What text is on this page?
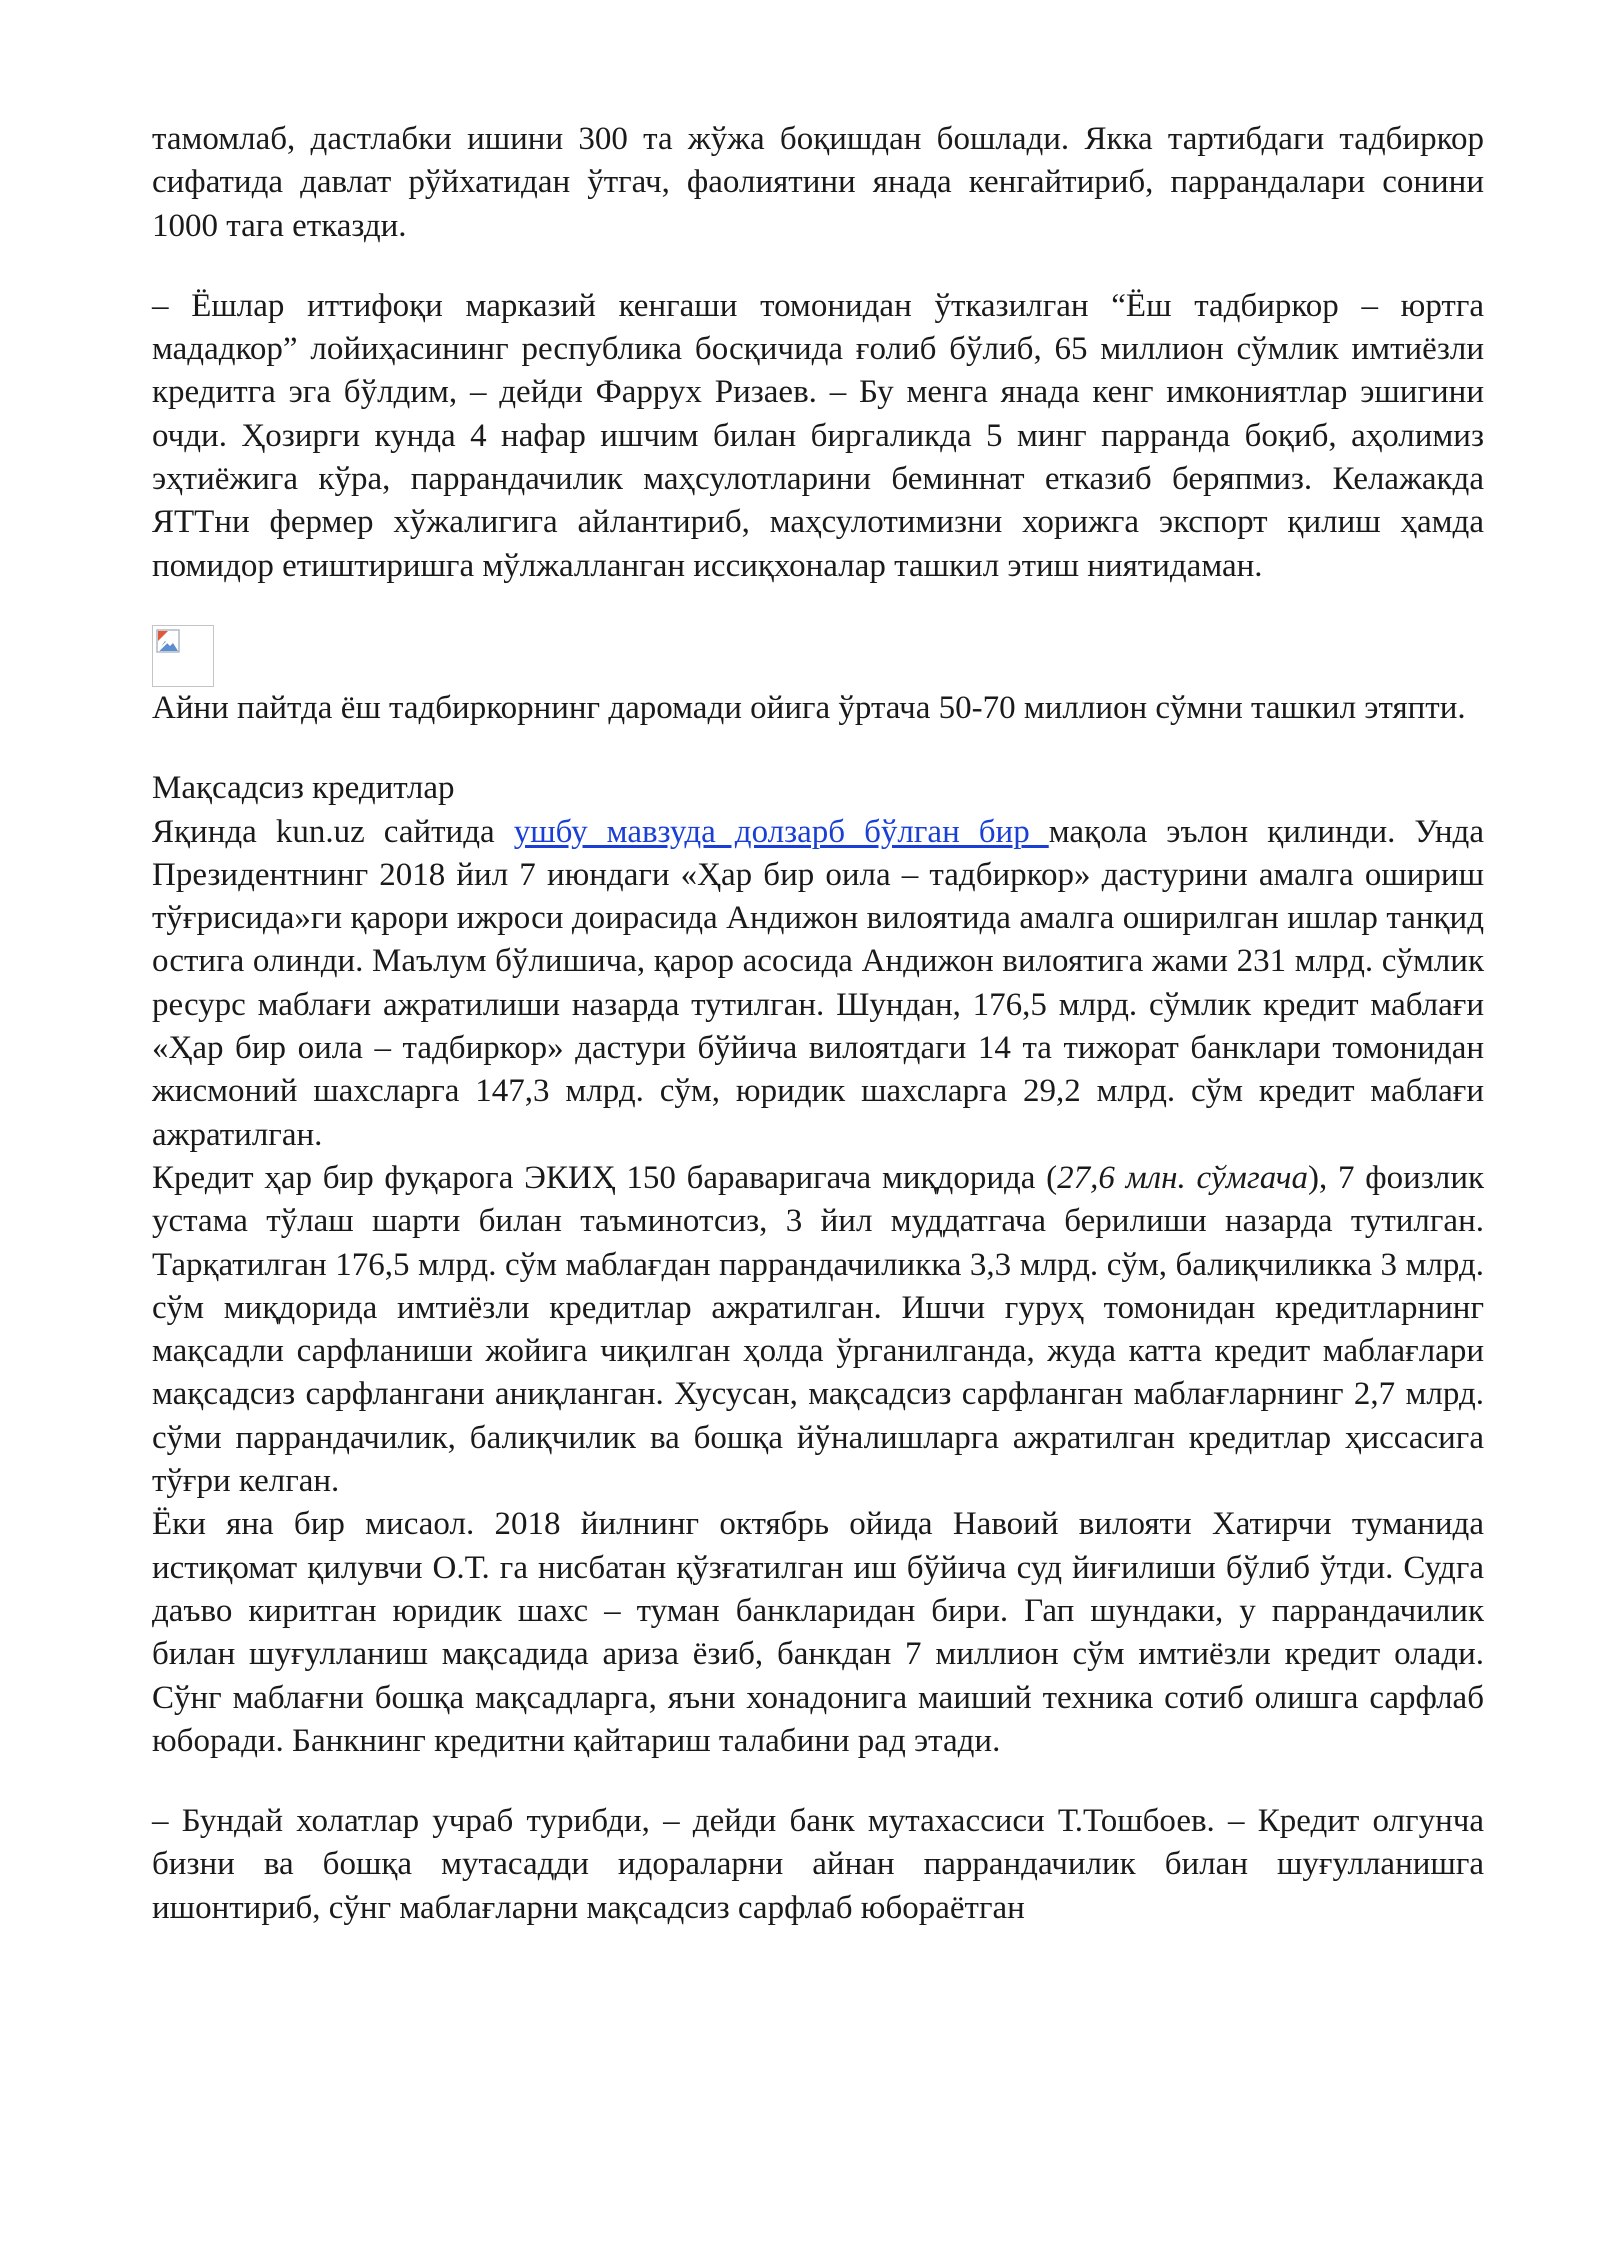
тамомлаб, дастлабки ишини 300 та жўжа боқишдан бошлади. Якка тартибдаги тадбиркор сифатида давлат рўйхатидан ўтгач, фаолиятини янада кенгайтириб, паррандалари сонини 1000 тага етказди.

– Ёшлар иттифоқи марказий кенгаши томонидан ўтказилган “Ёш тадбиркор – юртга мададкор” лойиҳасининг республика босқичида ғолиб бўлиб, 65 миллион сўмлик имтиёзли кредитга эга бўлдим, – дейди Фаррух Ризаев. – Бу менга янада кенг имкониятлар эшигини очди. Ҳозирги кунда 4 нафар ишчим билан биргаликда 5 минг парранда боқиб, аҳолимиз эҳтиёжига кўра, паррандачилик маҳсулотларини беминнат етказиб беряпмиз. Келажакда ЯТТни фермер хўжалигига айлантириб, маҳсулотимизни хорижга экспорт қилиш ҳамда помидор етиштиришга мўлжалланган иссиқхоналар ташкил этиш ниятидаман.

Айни пайтда ёш тадбиркорнинг даромади ойига ўртача 50-70 миллион сўмни ташкил этяпти.

Мақсадсиз кредитлар

Яқинда kun.uz сайтида ушбу мавзуда долзарб бўлган бир мақола эълон қилинди. Унда Президентнинг 2018 йил 7 июндаги «Ҳар бир оила – тадбиркор» дастурини амалга ошириш тўғрисида»ги қарори ижроси доирасида Андижон вилоятида амалга оширилган ишлар танқид остига олинди. Маълум бўлишича, қарор асосида Андижон вилоятига жами 231 млрд. сўмлик ресурс маблағи ажратилиши назарда тутилган. Шундан, 176,5 млрд. сўмлик кредит маблағи «Ҳар бир оила – тадбиркор» дастури бўйича вилоятдаги 14 та тижорат банклари томонидан жисмоний шахсларга 147,3 млрд. сўм, юридик шахсларга 29,2 млрд. сўм кредит маблағи ажратилган.

Кредит ҳар бир фуқарога ЭКИҲ 150 бараваригача миқдорида (27,6 млн. сўмгача), 7 фоизлик устама тўлаш шарти билан таъминотсиз, 3 йил муддатгача берилиши назарда тутилган. Тарқатилган 176,5 млрд. сўм маблағдан паррандачиликка 3,3 млрд. сўм, балиқчиликка 3 млрд. сўм миқдорида имтиёзли кредитлар ажратилган. Ишчи гуруҳ томонидан кредитларнинг мақсадли сарфланиши жойига чиқилган ҳолда ўрганилганда, жуда катта кредит маблағлари мақсадсиз сарфлангани аниқланган. Хусусан, мақсадсиз сарфланган маблағларнинг 2,7 млрд. сўми паррандачилик, балиқчилик ва бошқа йўналишларга ажратилган кредитлар ҳиссасига тўғри келган.

Ёки яна бир мисаол. 2018 йилнинг октябрь ойида Навоий вилояти Хатирчи туманида истиқомат қилувчи О.Т. га нисбатан қўзғатилган иш бўйича суд йиғилиши бўлиб ўтди. Судга даъво киритган юридик шахс – туман банкларидан бири. Гап шундаки, у паррандачилик билан шуғулланиш мақсадида ариза ёзиб, банкдан 7 миллион сўм имтиёзли кредит олади. Сўнг маблағни бошқа мақсадларга, яъни хонадонига маиший техника сотиб олишга сарфлаб юборади. Банкнинг кредитни қайтариш талабини рад этади.

– Бундай холатлар учраб турибди, – дейди банк мутахассиси Т.Тошбоев. – Кредит олгунча бизни ва бошқа мутасадди идораларни айнан паррандачилик билан шуғулланишга ишонтириб, сўнг маблағларни мақсадсиз сарфлаб юбораётган
